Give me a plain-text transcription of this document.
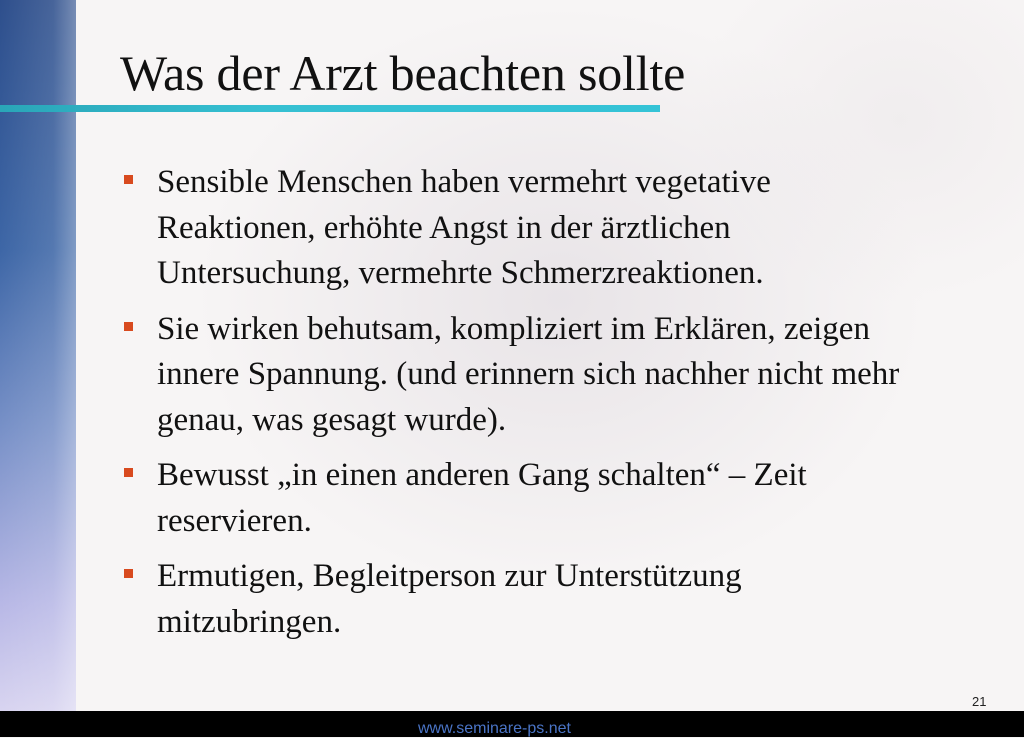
Was der Arzt beachten sollte
Sensible Menschen haben vermehrt vegetative Reaktionen, erhöhte Angst in der ärztlichen Untersuchung, vermehrte Schmerzreaktionen.
Sie wirken behutsam, kompliziert im Erklären, zeigen innere Spannung. (und erinnern sich nachher nicht mehr genau, was gesagt wurde).
Bewusst „in einen anderen Gang schalten“ – Zeit reservieren.
Ermutigen, Begleitperson zur Unterstützung mitzubringen.
21
www.seminare-ps.net
